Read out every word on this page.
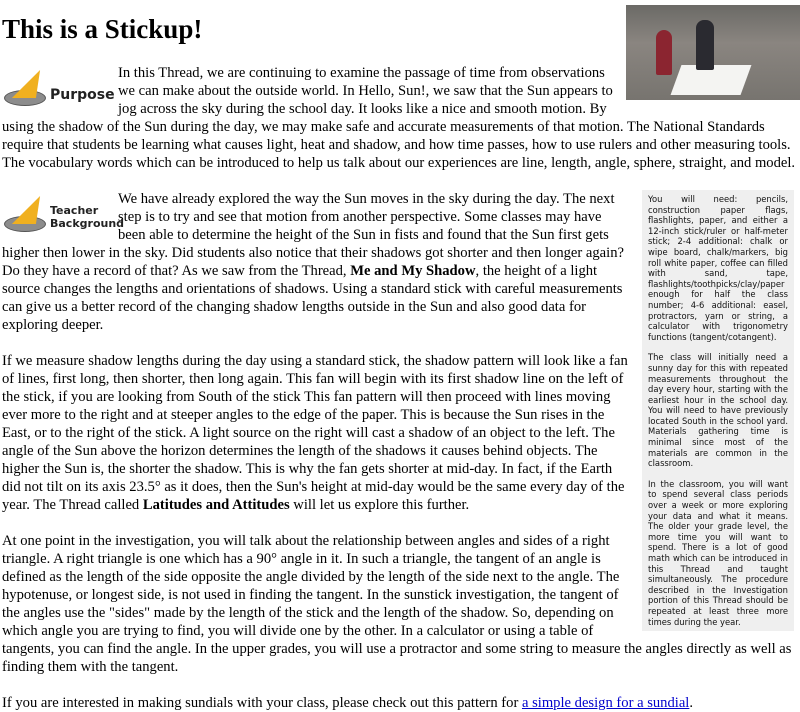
This is a Stickup!

Purpose
In this Thread, we are continuing to examine the passage of time from observations we can make about the outside world. In Hello, Sun!, we saw that the Sun appears to jog across the sky during the school day. It looks like a nice and smooth motion. By using the shadow of the Sun during the day, we may make safe and accurate measurements of that motion. The National Standards require that students be learning what causes light, heat and shadow, and how time passes, how to use rulers and other measuring tools. The vocabulary words which can be introduced to help us talk about our experiences are line, length, angle, sphere, straight, and model.

You will need: pencils, construction paper flags, flashlights, paper, and either a 12-inch stick/ruler or half-meter stick; 2-4 additional: chalk or wipe board, chalk/markers, big roll white paper, coffee can filled with sand, tape, flashlights/toothpicks/clay/paper enough for half the class number; 4-6 additional: easel, protractors, yarn or string, a calculator with trigonometry functions (tangent/cotangent).
The class will initially need a sunny day for this with repeated measurements throughout the day every hour, starting with the earliest hour in the school day. You will need to have previously located South in the school yard. Materials gathering time is minimal since most of the materials are common in the classroom.
In the classroom, you will want to spend several class periods over a week or more exploring your data and what it means. The older your grade level, the more time you will want to spend. There is a lot of good math which can be introduced in this Thread and taught simultaneously. The procedure described in the Investigation portion of this Thread should be repeated at least three more times during the year.

Teacher
Background
We have already explored the way the Sun moves in the sky during the day. The next step is to try and see that motion from another perspective. Some classes may have been able to determine the height of the Sun in fists and found that the Sun first gets higher then lower in the sky. Did students also notice that their shadows got shorter and then longer again? Do they have a record of that? As we saw from the Thread, Me and My Shadow, the height of a light source changes the lengths and orientations of shadows. Using a standard stick with careful measurements can give us a better record of the changing shadow lengths outside in the Sun and also good data for exploring deeper.

If we measure shadow lengths during the day using a standard stick, the shadow pattern will look like a fan of lines, first long, then shorter, then long again. This fan will begin with its first shadow line on the left of the stick, if you are looking from South of the stick This fan pattern will then proceed with lines moving ever more to the right and at steeper angles to the edge of the paper. This is because the Sun rises in the East, or to the right of the stick. A light source on the right will cast a shadow of an object to the left. The angle of the Sun above the horizon determines the length of the shadows it causes behind objects. The higher the Sun is, the shorter the shadow. This is why the fan gets shorter at mid-day. In fact, if the Earth did not tilt on its axis 23.5° as it does, then the Sun's height at mid-day would be the same every day of the year. The Thread called Latitudes and Attitudes will let us explore this further.

At one point in the investigation, you will talk about the relationship between angles and sides of a right triangle. A right triangle is one which has a 90° angle in it. In such a triangle, the tangent of an angle is defined as the length of the side opposite the angle divided by the length of the side next to the angle. The hypotenuse, or longest side, is not used in finding the tangent. In the sunstick investigation, the tangent of the angles use the "sides" made by the length of the stick and the length of the shadow. So, depending on which angle you are trying to find, you will divide one by the other. In a calculator or using a table of tangents, you can find the angle. In the upper grades, you will use a protractor and some string to measure the angles directly as well as finding them with the tangent.

If you are interested in making sundials with your class, please check out this pattern for a simple design for a sundial.
